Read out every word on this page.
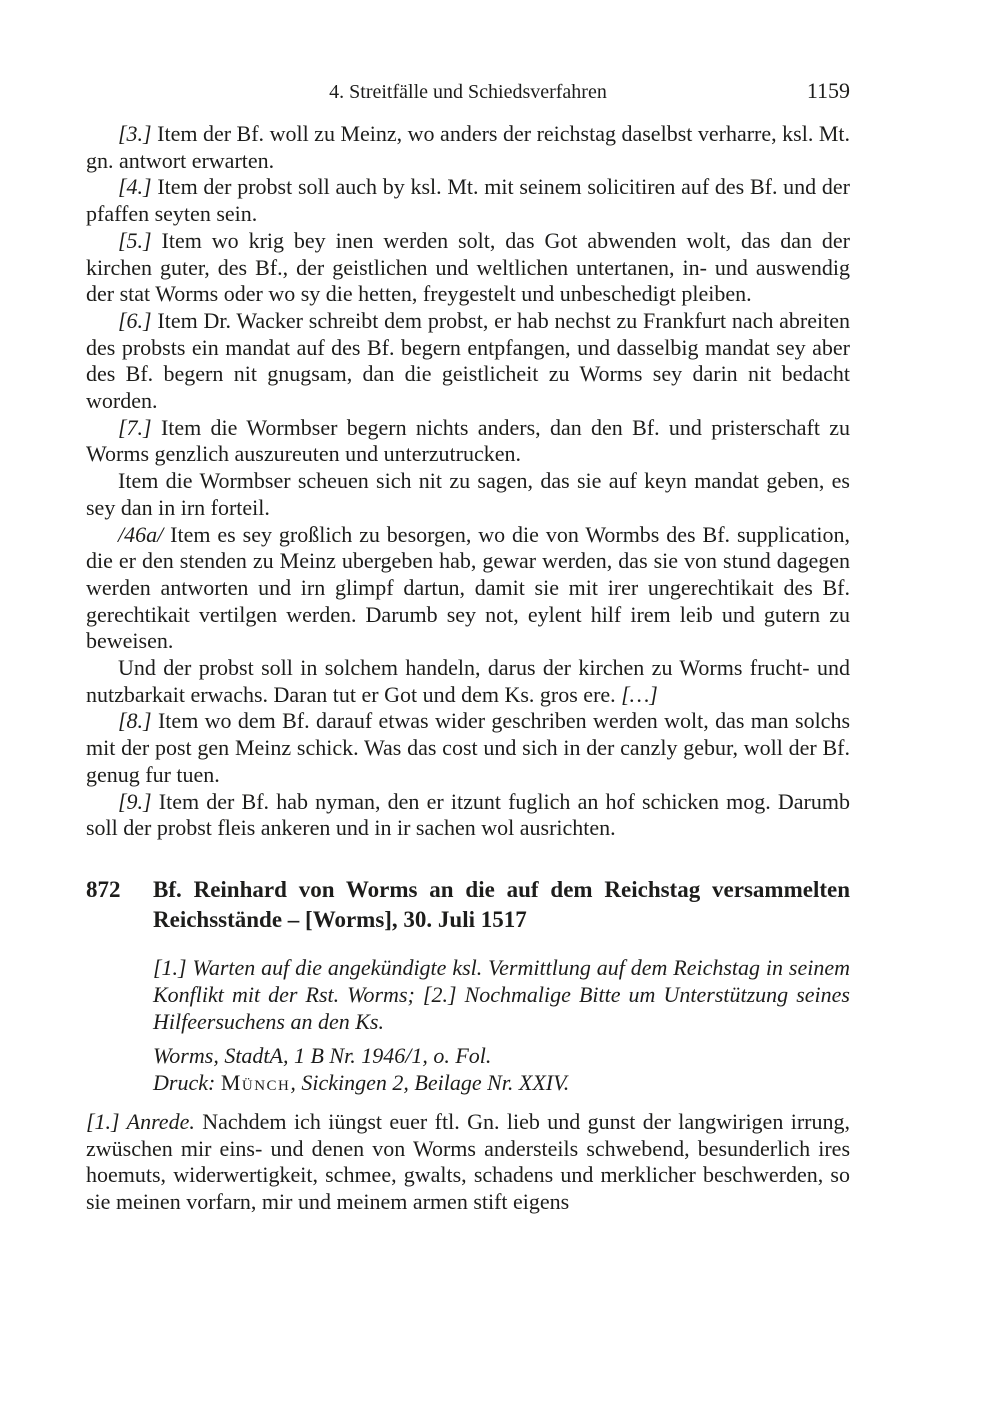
4. Streitfälle und Schiedsverfahren	1159

[3.] Item der Bf. woll zu Meinz, wo anders der reichstag daselbst verharre, ksl. Mt. gn. antwort erwarten.

[4.] Item der probst soll auch by ksl. Mt. mit seinem solicitiren auf des Bf. und der pfaffen seyten sein.

[5.] Item wo krig bey inen werden solt, das Got abwenden wolt, das dan der kirchen guter, des Bf., der geistlichen und weltlichen untertanen, in- und auswendig der stat Worms oder wo sy die hetten, freygestelt und unbeschedigt pleiben.

[6.] Item Dr. Wacker schreibt dem probst, er hab nechst zu Frankfurt nach abreiten des probsts ein mandat auf des Bf. begern entpfangen, und dasselbig mandat sey aber des Bf. begern nit gnugsam, dan die geistlicheit zu Worms sey darin nit bedacht worden.

[7.] Item die Wormbser begern nichts anders, dan den Bf. und pristerschaft zu Worms genzlich auszureuten und unterzutrucken.

Item die Wormbser scheuen sich nit zu sagen, das sie auf keyn mandat geben, es sey dan in irn forteil.

/46a/ Item es sey großlich zu besorgen, wo die von Wormbs des Bf. supplication, die er den stenden zu Meinz ubergeben hab, gewar werden, das sie von stund dagegen werden antworten und irn glimpf dartun, damit sie mit irer ungerechtikait des Bf. gerechtikait vertilgen werden. Darumb sey not, eylent hilf irem leib und gutern zu beweisen.

Und der probst soll in solchem handeln, darus der kirchen zu Worms frucht- und nutzbarkait erwachs. Daran tut er Got und dem Ks. gros ere. […]

[8.] Item wo dem Bf. darauf etwas wider geschriben werden wolt, das man solchs mit der post gen Meinz schick. Was das cost und sich in der canzly gebur, woll der Bf. genug fur tuen.

[9.] Item der Bf. hab nyman, den er itzunt fuglich an hof schicken mog. Darumb soll der probst fleis ankeren und in ir sachen wol ausrichten.

872	Bf. Reinhard von Worms an die auf dem Reichstag versammelten Reichsstände – [Worms], 30. Juli 1517
[1.] Warten auf die angekündigte ksl. Vermittlung auf dem Reichstag in seinem Konflikt mit der Rst. Worms; [2.] Nochmalige Bitte um Unterstützung seines Hilfeersuchens an den Ks.
Worms, StadtA, 1 B Nr. 1946/1, o. Fol.
Druck: Münch, Sickingen 2, Beilage Nr. XXIV.
[1.] Anrede. Nachdem ich iüngst euer ftl. Gn. lieb und gunst der langwirigen irrung, zwüschen mir eins- und denen von Worms andersteils schwebend, besunderlich ires hoemuts, widerwertigkeit, schmee, gwalts, schadens und merklicher beschwerden, so sie meinen vorfarn, mir und meinem armen stift eigens
